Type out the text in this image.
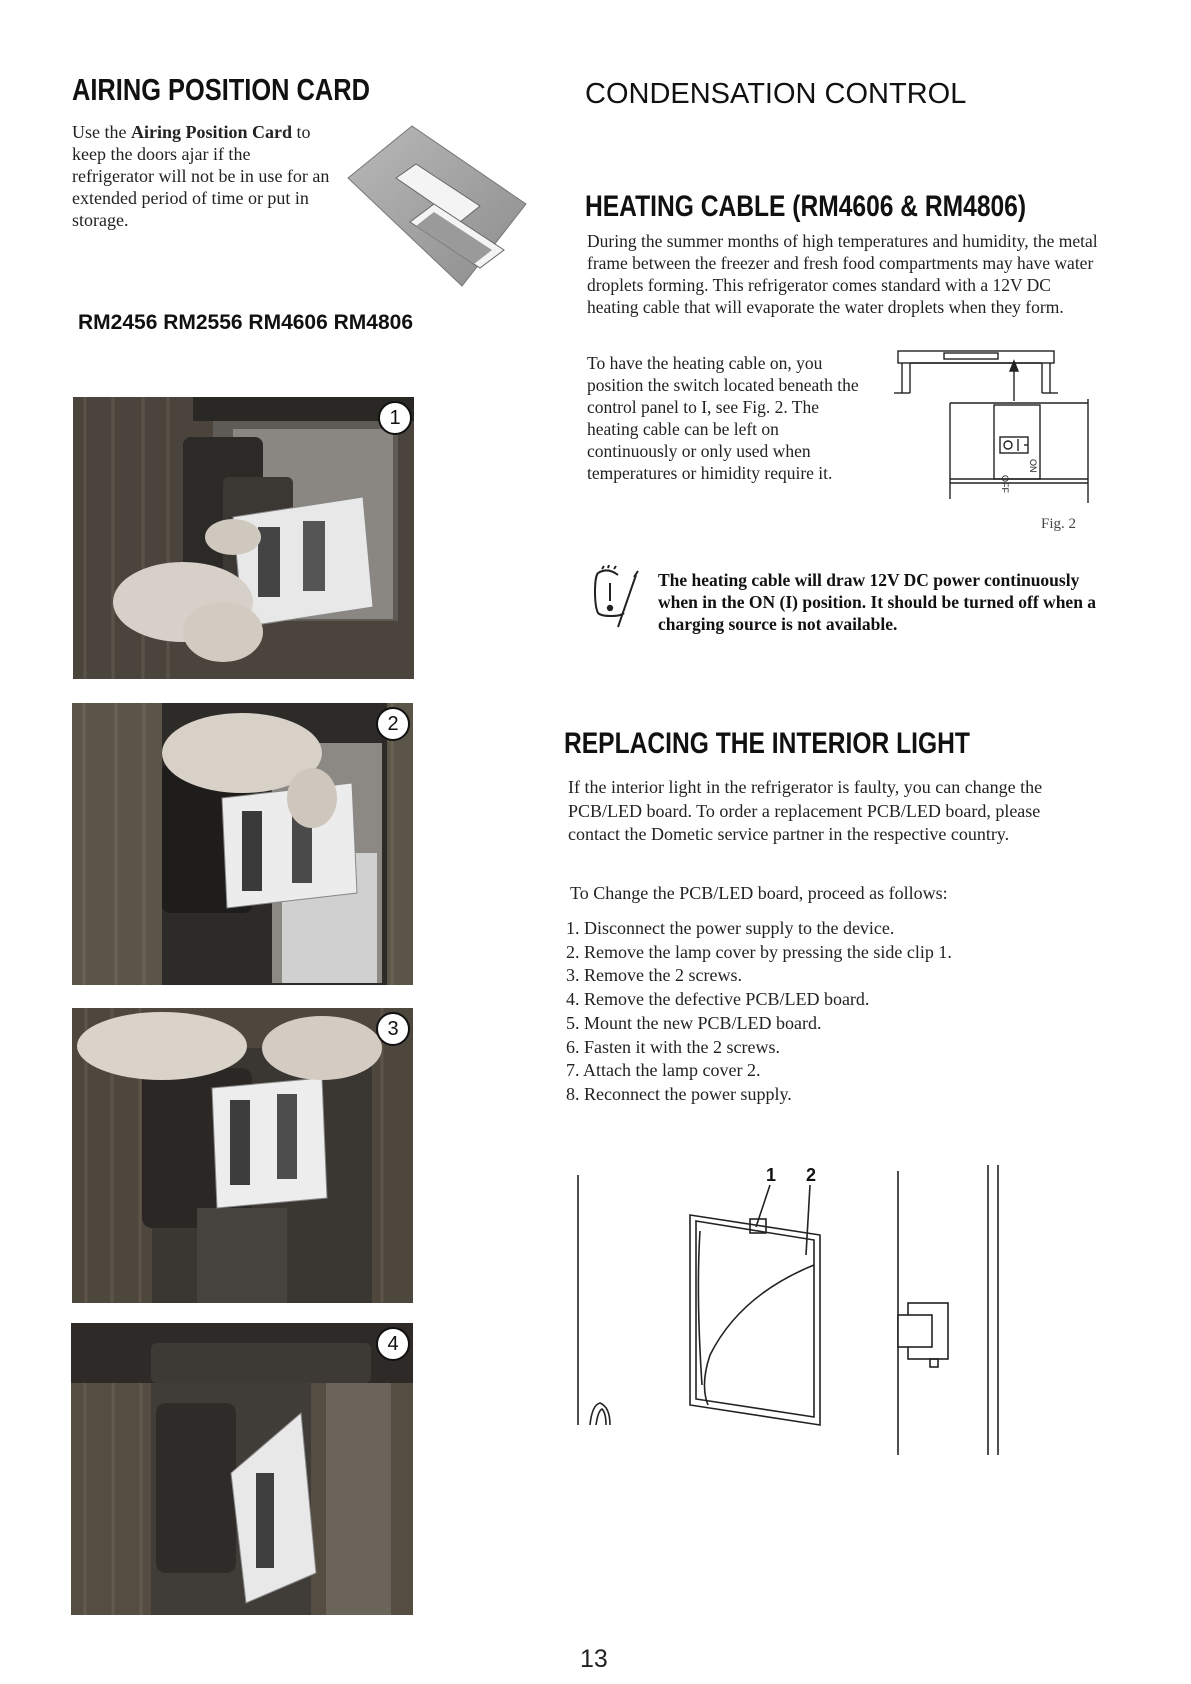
AIRING POSITION CARD
Use the Airing Position Card to keep the doors ajar if the refrigerator will not be in use for an extended period of time or put in storage.
RM2456 RM2556 RM4606 RM4806
1
2
3
4
CONDENSATION CONTROL
HEATING CABLE (RM4606 & RM4806)
During the summer months of high temperatures and humidity, the metal frame between the freezer and fresh food compartments may have water droplets forming. This refrigerator comes standard with a 12V DC heating cable that will evaporate the water droplets when they form.
To have the heating cable on, you position the switch located beneath the control panel to I, see Fig. 2. The heating cable can be left on continuously or only used when temperatures or himidity require it.
OFF
ON
Fig. 2
The heating cable will draw 12V DC power continuously when in the ON (I) position. It should be turned off when a charging source is not available.
REPLACING THE INTERIOR LIGHT
If the interior light in the refrigerator is faulty, you can change the PCB/LED board. To order a replacement PCB/LED board, please contact the Dometic service partner in the respective country.
To Change the PCB/LED board, proceed as follows:
1. Disconnect the power supply to the device.
2. Remove the lamp cover by pressing the side clip 1.
3. Remove the 2 screws.
4. Remove the defective PCB/LED board.
5. Mount the new PCB/LED board.
6. Fasten it with the 2 screws.
7. Attach the lamp cover 2.
8. Reconnect the power supply.
1 2
13
